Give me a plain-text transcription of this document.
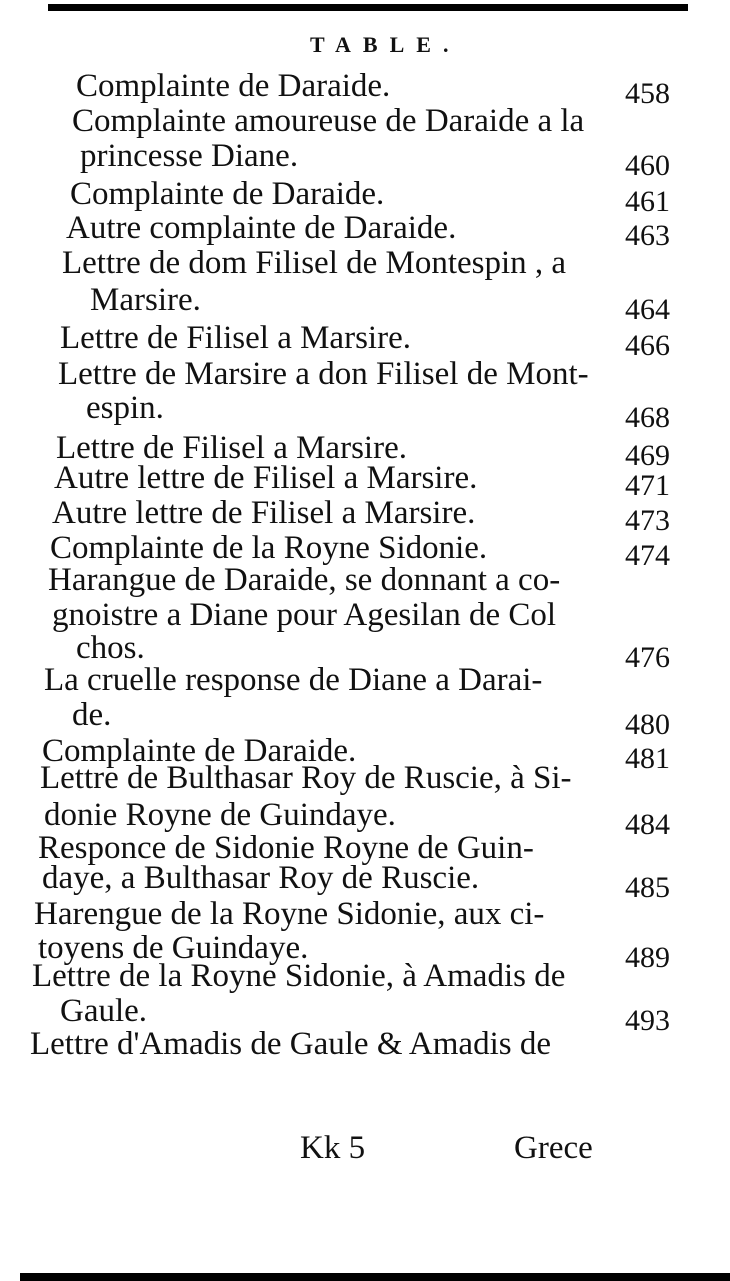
TABLE.
Complainte de Daraide.	458
Complainte amoureuse de Daraide a la
princesse Diane.	460
Complainte de Daraide.	461
Autre complainte de Daraide.	463
Lettre de dom Filisel de Montespin , a
Marsire.	464
Lettre de Filisel a Marsire.	466
Lettre de Marsire a don Filisel de Mont-
espin.	468
Lettre de Filisel a Marsire.	469
Autre lettre de Filisel a Marsire.	471
Autre lettre de Filisel a Marsire.	473
Complainte de la Royne Sidonie.	474
Harangue de Daraide, se donnant a co-
gnoistre a Diane pour Agesilan de Col
chos.	476
La cruelle response de Diane a Darai-
de.	480
Complainte de Daraide.	481
Lettre de Bulthasar Roy de Ruscie, à Si-
donie Royne de Guindaye.	484
Responce de Sidonie Royne de Guin-
daye, a Bulthasar Roy de Ruscie.	485
Harengue de la Royne Sidonie, aux ci-
toyens de Guindaye.	489
Lettre de la Royne Sidonie, à Amadis de
Gaule.	493
Lettre d'Amadis de Gaule & Amadis de
Kk 5	Grece
